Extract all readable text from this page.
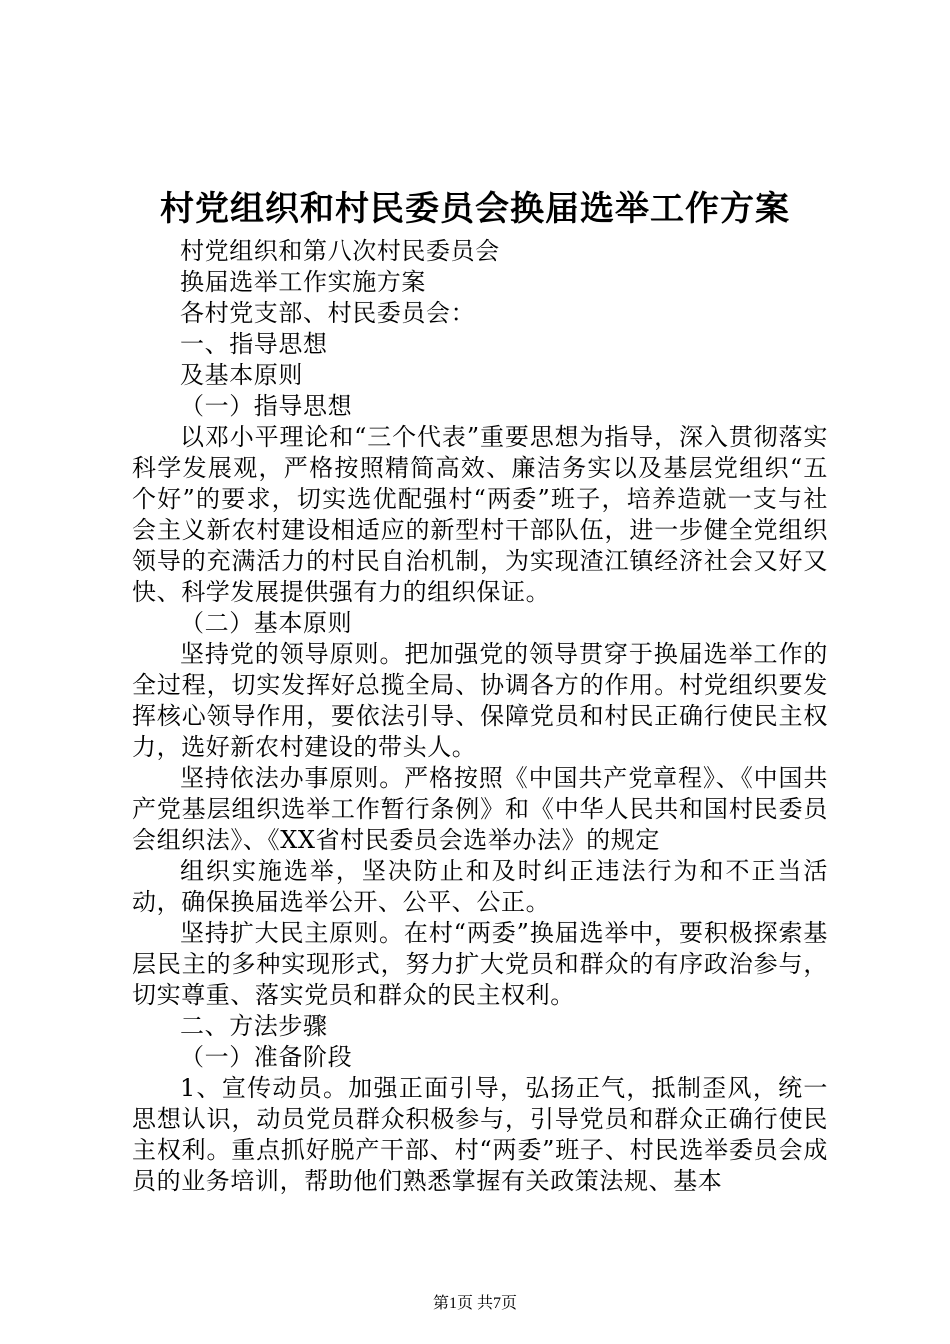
村党组织和村民委员会换届选举工作方案

村党组织和第八次村民委员会

换届选举工作实施方案

各村党支部、村民委员会：

一、指导思想

及基本原则

（一）指导思想

以邓小平理论和“三个代表”重要思想为指导，深入贯彻落实科学发展观，严格按照精简高效、廉洁务实以及基层党组织“五个好”的要求，切实选优配强村“两委”班子，培养造就一支与社会主义新农村建设相适应的新型村干部队伍，进一步健全党组织领导的充满活力的村民自治机制，为实现渣江镇经济社会又好又快、科学发展提供强有力的组织保证。

（二）基本原则

坚持党的领导原则。把加强党的领导贯穿于换届选举工作的全过程，切实发挥好总揽全局、协调各方的作用。村党组织要发挥核心领导作用，要依法引导、保障党员和村民正确行使民主权力，选好新农村建设的带头人。

坚持依法办事原则。严格按照《中国共产党章程》、《中国共产党基层组织选举工作暂行条例》和《中华人民共和国村民委员会组织法》、《XX省村民委员会选举办法》的规定

组织实施选举，坚决防止和及时纠正违法行为和不正当活动，确保换届选举公开、公平、公正。

坚持扩大民主原则。在村“两委”换届选举中，要积极探索基层民主的多种实现形式，努力扩大党员和群众的有序政治参与，切实尊重、落实党员和群众的民主权利。

二、方法步骤

（一）准备阶段

1、宣传动员。加强正面引导，弘扬正气，抵制歪风，统一思想认识，动员党员群众积极参与，引导党员和群众正确行使民主权利。重点抓好脱产干部、村“两委”班子、村民选举委员会成员的业务培训，帮助他们熟悉掌握有关政策法规、基本

第1页 共7页
